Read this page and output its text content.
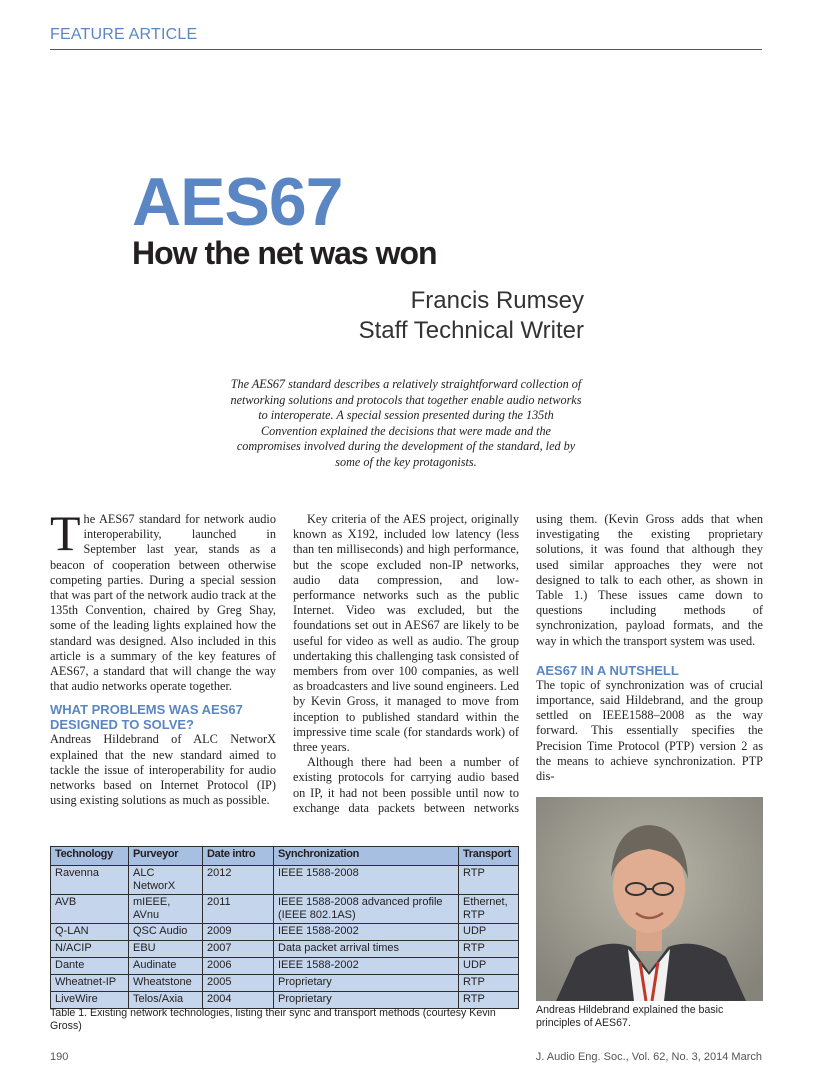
FEATURE ARTICLE
AES67
How the net was won
Francis Rumsey
Staff Technical Writer
The AES67 standard describes a relatively straightforward collection of networking solutions and protocols that together enable audio networks to interoperate. A special session presented during the 135th Convention explained the decisions that were made and the compromises involved during the development of the standard, led by some of the key protagonists.

The AES67 standard for network audio interoperability, launched in September last year, stands as a beacon of cooperation between otherwise competing parties. During a special session that was part of the network audio track at the 135th Convention, chaired by Greg Shay, some of the leading lights explained how the standard was designed. Also included in this article is a summary of the key features of AES67, a standard that will change the way that audio networks operate together.

WHAT PROBLEMS WAS AES67 DESIGNED TO SOLVE?

Andreas Hildebrand of ALC NetworX explained that the new standard aimed to tackle the issue of interoperability for audio networks based on Internet Protocol (IP) using existing solutions as much as possible.

Key criteria of the AES project, originally known as X192, included low latency (less than ten milliseconds) and high performance, but the scope excluded non-IP networks, audio data compression, and low-performance networks such as the public Internet. Video was excluded, but the foundations set out in AES67 are likely to be useful for video as well as audio. The group undertaking this challenging task consisted of members from over 100 companies, as well as broadcasters and live sound engineers. Led by Kevin Gross, it managed to move from inception to published standard within the impressive time scale (for standards work) of three years.

Although there had been a number of existing protocols for carrying audio based on IP, it had not been possible until now to exchange data packets between networks

using them. (Kevin Gross adds that when investigating the existing proprietary solutions, it was found that although they used similar approaches they were not designed to talk to each other, as shown in Table 1.) These issues came down to questions including methods of synchronization, payload formats, and the way in which the transport system was used.

AES67 IN A NUTSHELL

The topic of synchronization was of crucial importance, said Hildebrand, and the group settled on IEEE1588–2008 as the way forward. This essentially specifies the Precision Time Protocol (PTP) version 2 as the means to achieve synchronization. PTP dis-

Andreas Hildebrand explained the basic principles of AES67.
Technology	Purveyor	Date intro	Synchronization	Transport
Ravenna	ALC NetworX	2012	IEEE 1588-2008	RTP
AVB	mIEEE, AVnu	2011	IEEE 1588-2008 advanced profile (IEEE 802.1AS)	Ethernet, RTP
Q-LAN	QSC Audio	2009	IEEE 1588-2002	UDP
N/ACIP	EBU	2007	Data packet arrival times	RTP
Dante	Audinate	2006	IEEE 1588-2002	UDP
Wheatnet-IP	Wheatstone	2005	Proprietary	RTP
LiveWire	Telos/Axia	2004	Proprietary	RTP
Table 1. Existing network technologies, listing their sync and transport methods (courtesy Kevin Gross)
190	J. Audio Eng. Soc., Vol. 62, No. 3, 2014 March
